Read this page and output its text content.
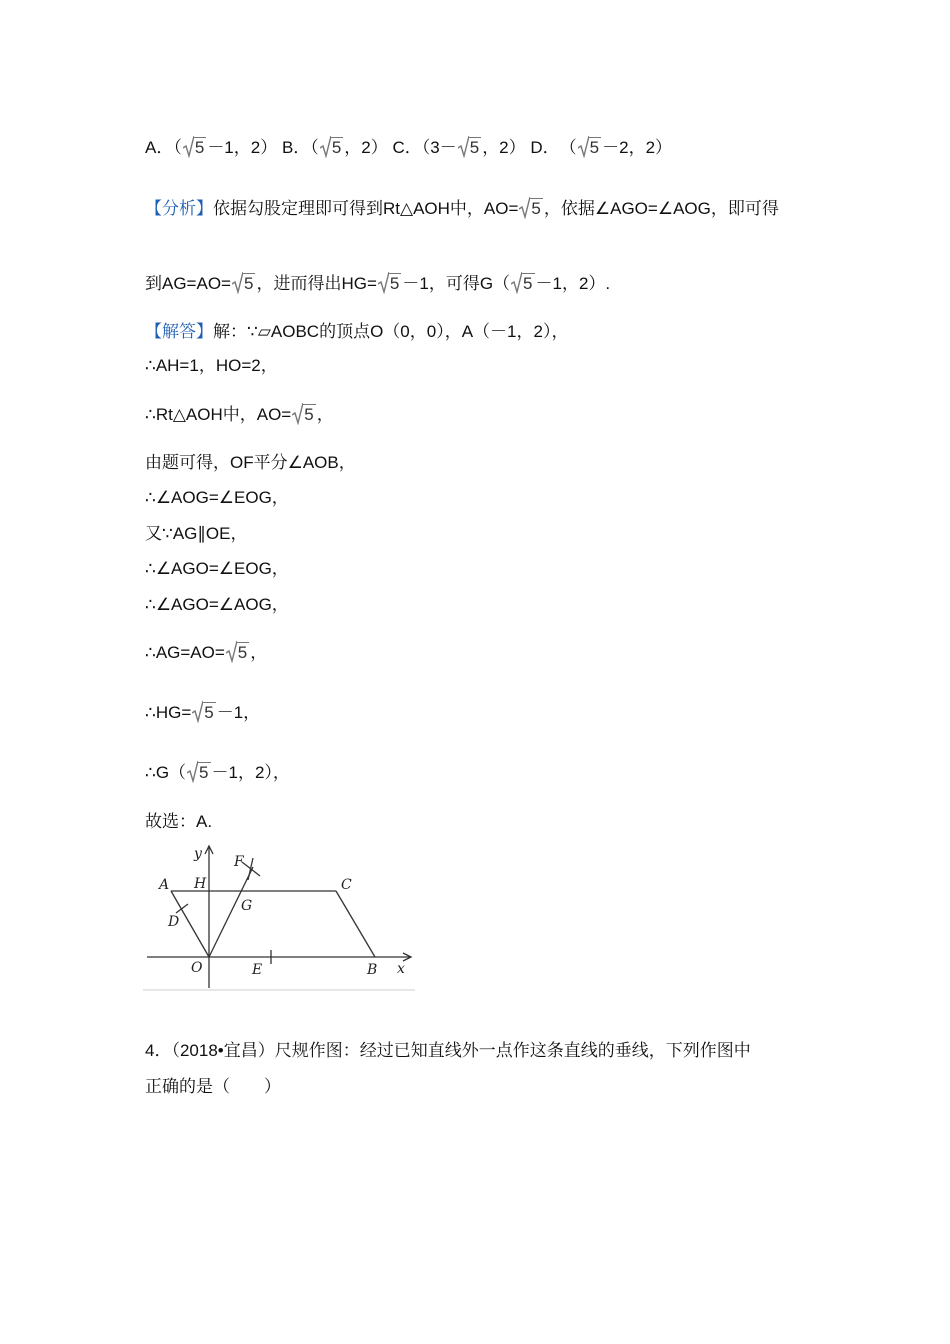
A．（ 5 －1，2） B．（ 5 ，2） C．（3－ 5 ，2） D．　（ 5 －2，2）
【分析】依据勾股定理即可得到Rt△AOH中，AO= 5 ，依据∠AGO=∠AOG，即可得
到AG=AO= 5 ，进而得出HG= 5 －1，可得G（ 5 －1，2）.
【解答】解：∵▱AOBC的顶点O（0，0），A（－1，2），
∴AH=1，HO=2，
∴Rt△AOH中，AO= 5 ，
由题可得，OF平分∠AOB，
∴∠AOG=∠EOG，
又∵AG∥OE，
∴∠AGO=∠EOG，
∴∠AGO=∠AOG，
∴AG=AO= 5 ，
∴HG= 5 －1，
∴G（ 5 －1，2），
故选：A.
y F
A H	C
G
D
O	E	B x
4．（2018•宜昌）尺规作图：经过已知直线外一点作这条直线的垂线，下列作图中
正确的是（　　）
